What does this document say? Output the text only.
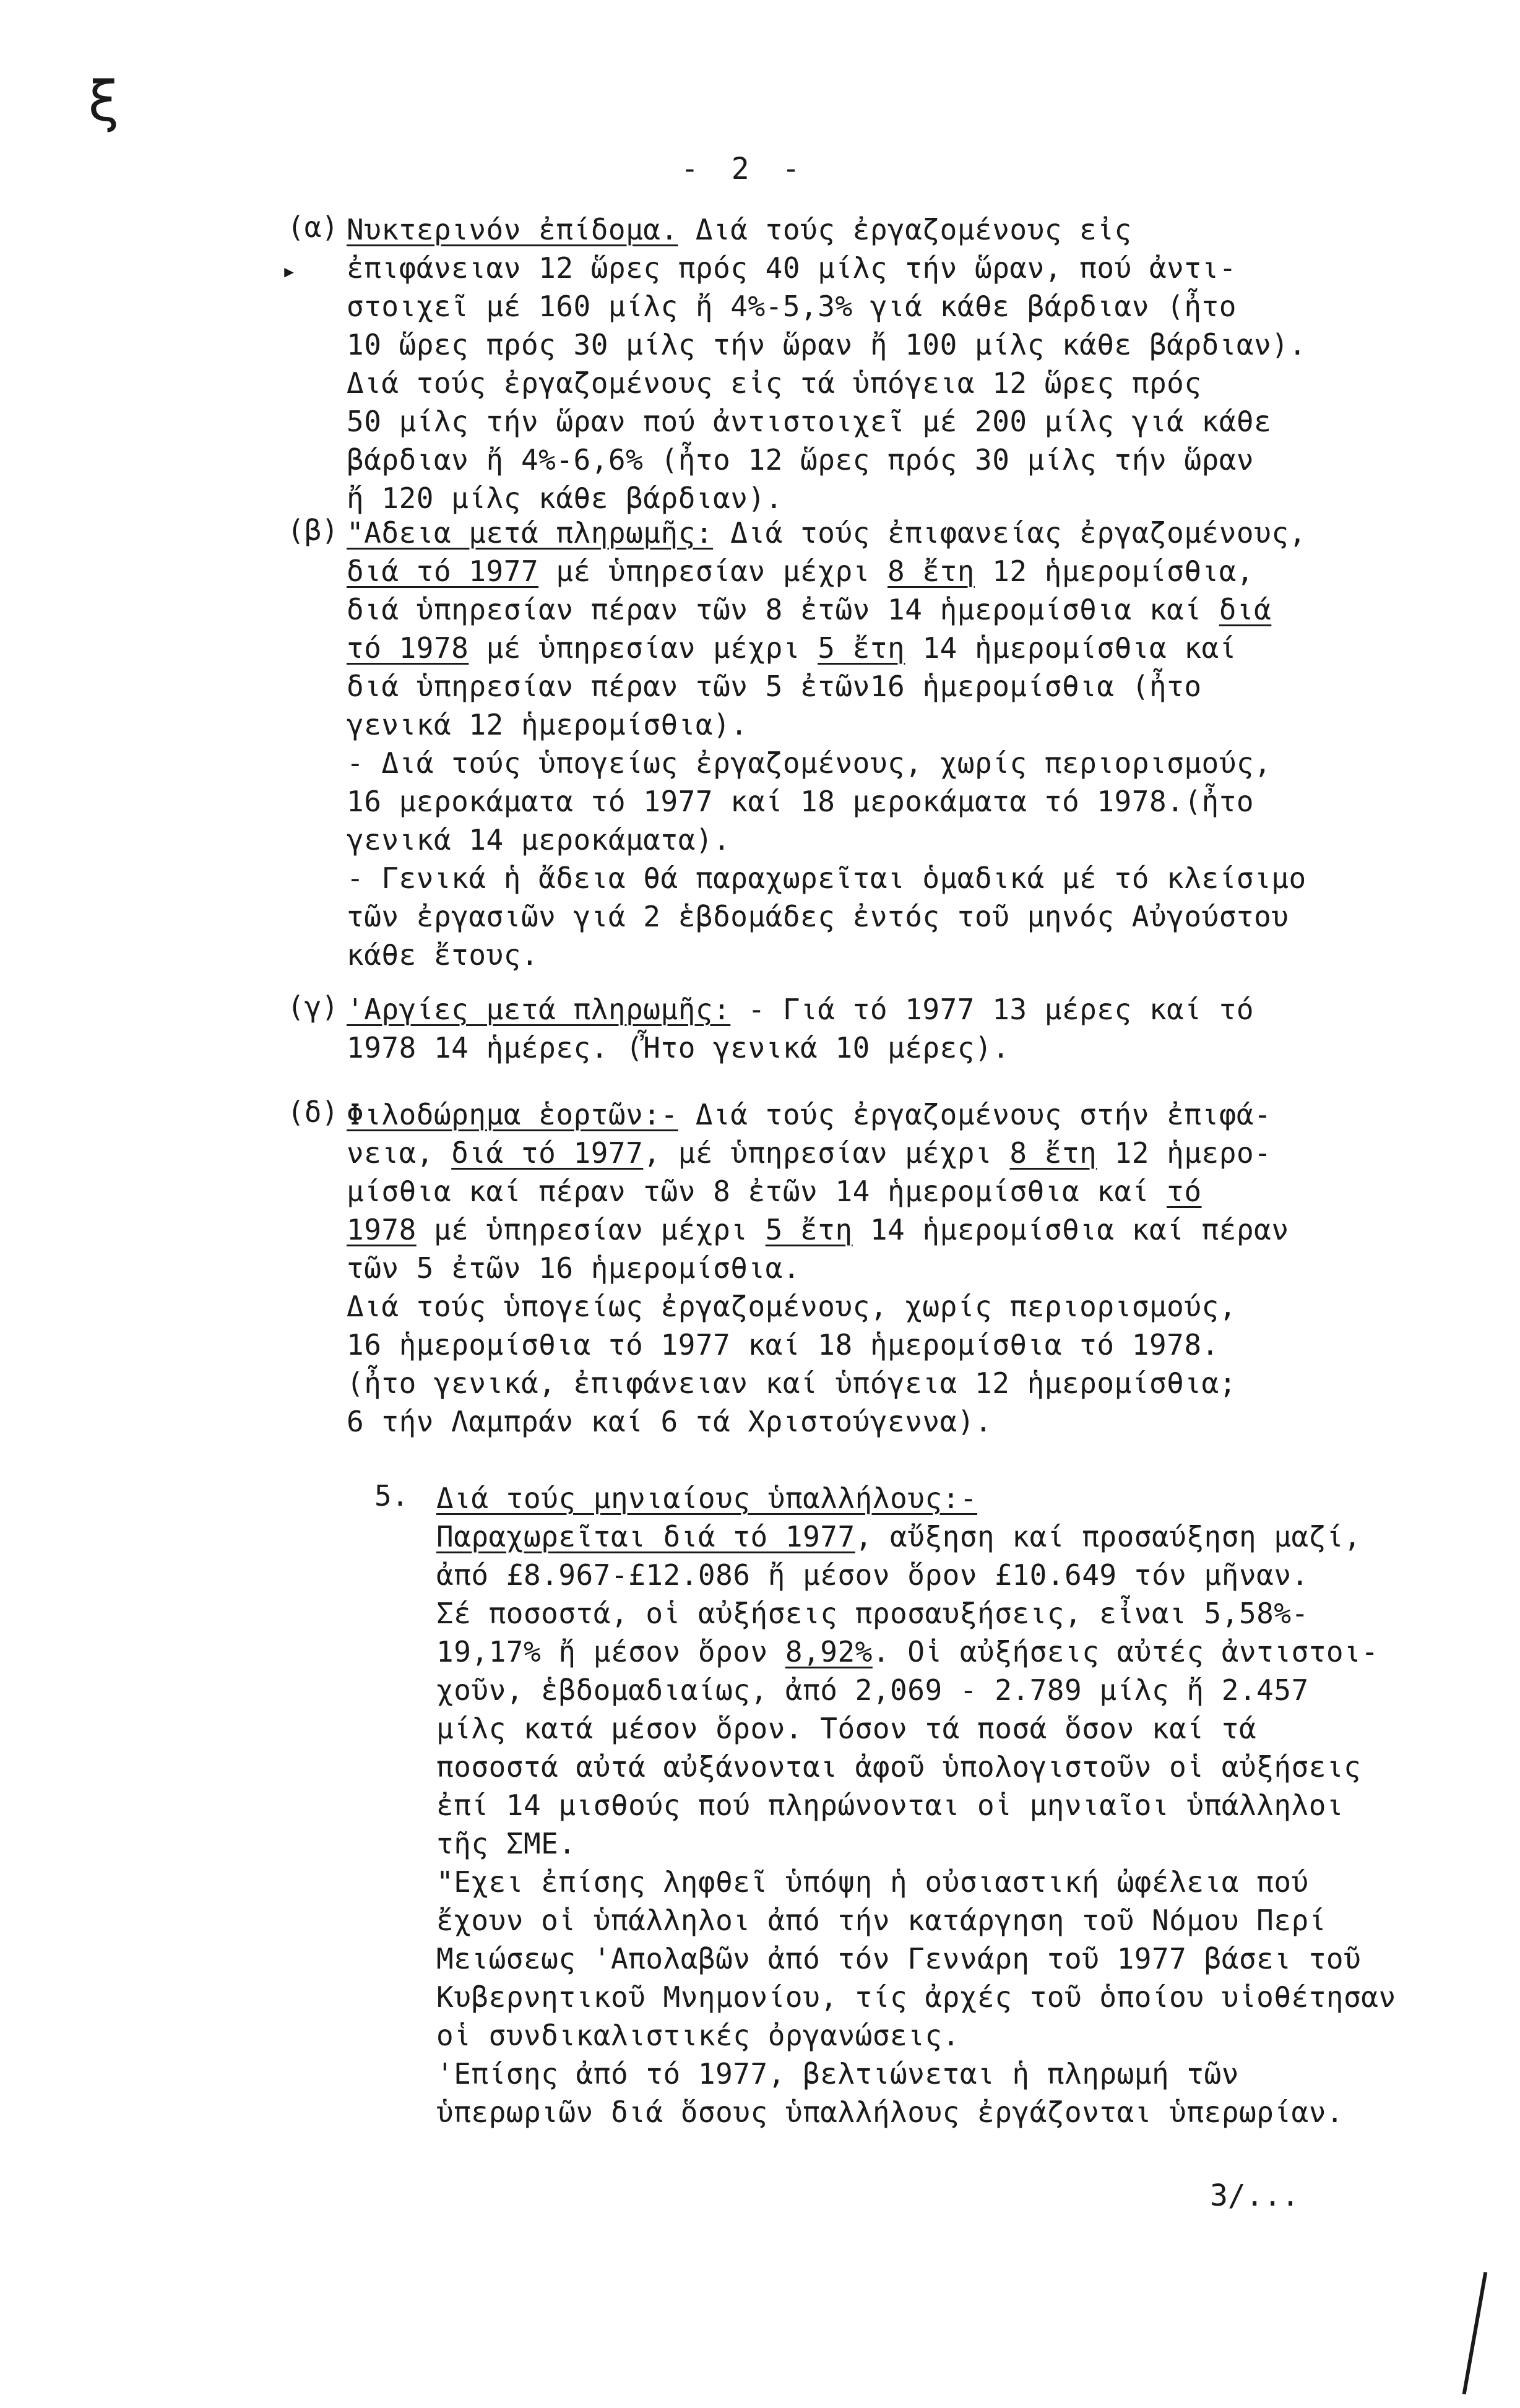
ξ
- 2 -
(α) Νυκτερινόν ἐπίδομα. Διά τούς ἐργαζομένους εἰς
ἐπιφάνειαν 12 ὥρες πρός 40 μίλς τήν ὥραν, πού ἀντι-
στοιχεῖ μέ 160 μίλς ἤ 4%-5,3% γιά κάθε βάρδιαν (ἦτο
10 ὥρες πρός 30 μίλς τήν ὥραν ἤ 100 μίλς κάθε βάρδιαν).
Διά τούς ἐργαζομένους εἰς τά ὑπόγεια 12 ὥρες πρός
50 μίλς τήν ὥραν πού ἀντιστοιχεῖ μέ 200 μίλς γιά κάθε
βάρδιαν ἤ 4%-6,6% (ἦτο 12 ὥρες πρός 30 μίλς τήν ὥραν
ἤ 120 μίλς κάθε βάρδιαν).
(β) "Αδεια μετά πληρωμῆς: Διά τούς ἐπιφανείας ἐργαζομένους,
διά τό 1977 μέ ὑπηρεσίαν μέχρι 8 ἔτη 12 ἡμερομίσθια,
διά ὑπηρεσίαν πέραν τῶν 8 ἐτῶν 14 ἡμερομίσθια καί διά
τό 1978 μέ ὑπηρεσίαν μέχρι 5 ἔτη 14 ἡμερομίσθια καί
διά ὑπηρεσίαν πέραν τῶν 5 ἐτῶν16 ἡμερομίσθια (ἦτο
γενικά 12 ἡμερομίσθια).
- Διά τούς ὑπογείως ἐργαζομένους, χωρίς περιορισμούς,
16 μεροκάματα τό 1977 καί 18 μεροκάματα τό 1978.(ἦτο
γενικά 14 μεροκάματα).
- Γενικά ἡ ἄδεια θά παραχωρεῖται ὁμαδικά μέ τό κλείσιμο
τῶν ἐργασιῶν γιά 2 ἑβδομάδες ἐντός τοῦ μηνός Αὐγούστου
κάθε ἔτους.
(γ) 'Αργίες μετά πληρωμῆς: - Γιά τό 1977 13 μέρες καί τό
1978 14 ἡμέρες. (Ἦτο γενικά 10 μέρες).
(δ) Φιλοδώρημα ἑορτῶν:- Διά τούς ἐργαζομένους στήν ἐπιφά-
νεια, διά τό 1977, μέ ὑπηρεσίαν μέχρι 8 ἔτη 12 ἡμερο-
μίσθια καί πέραν τῶν 8 ἐτῶν 14 ἡμερομίσθια καί τό
1978 μέ ὑπηρεσίαν μέχρι 5 ἔτη 14 ἡμερομίσθια καί πέραν
τῶν 5 ἐτῶν 16 ἡμερομίσθια.
Διά τούς ὑπογείως ἐργαζομένους, χωρίς περιορισμούς,
16 ἡμερομίσθια τό 1977 καί 18 ἡμερομίσθια τό 1978.
(ἦτο γενικά, ἐπιφάνειαν καί ὑπόγεια 12 ἡμερομίσθια;
6 τήν Λαμπράν καί 6 τά Χριστούγεννα).
5. Διά τούς μηνιαίους ὑπαλλήλους:-
Παραχωρεῖται διά τό 1977, αὔξηση καί προσαύξηση μαζί,
ἀπό £8.967-£12.086 ἤ μέσον ὅρον £10.649 τόν μῆναν.
Σέ ποσοστά, οἱ αὐξήσεις προσαυξήσεις, εἶναι 5,58%-
19,17% ἤ μέσον ὅρον 8,92%. Οἱ αὐξήσεις αὐτές ἀντιστοι-
χοῦν, ἑβδομαδιαίως, ἀπό 2,069 - 2.789 μίλς ἤ 2.457
μίλς κατά μέσον ὅρον. Τόσον τά ποσά ὅσον καί τά
ποσοστά αὐτά αὐξάνονται ἀφοῦ ὑπολογιστοῦν οἱ αὐξήσεις
ἐπί 14 μισθούς πού πληρώνονται οἱ μηνιαῖοι ὑπάλληλοι
τῆς ΣΜΕ.
"Εχει ἐπίσης ληφθεῖ ὑπόψη ἡ οὐσιαστική ὠφέλεια πού
ἔχουν οἱ ὑπάλληλοι ἀπό τήν κατάργηση τοῦ Νόμου Περί
Μειώσεως 'Απολαβῶν ἀπό τόν Γεννάρη τοῦ 1977 βάσει τοῦ
Κυβερνητικοῦ Μνημονίου, τίς ἀρχές τοῦ ὁποίου υἱοθέτησαν
οἱ συνδικαλιστικές ὀργανώσεις.
'Επίσης ἀπό τό 1977, βελτιώνεται ἡ πληρωμή τῶν
ὑπερωριῶν διά ὅσους ὑπαλλήλους ἐργάζονται ὑπερωρίαν.
▸
3/...
